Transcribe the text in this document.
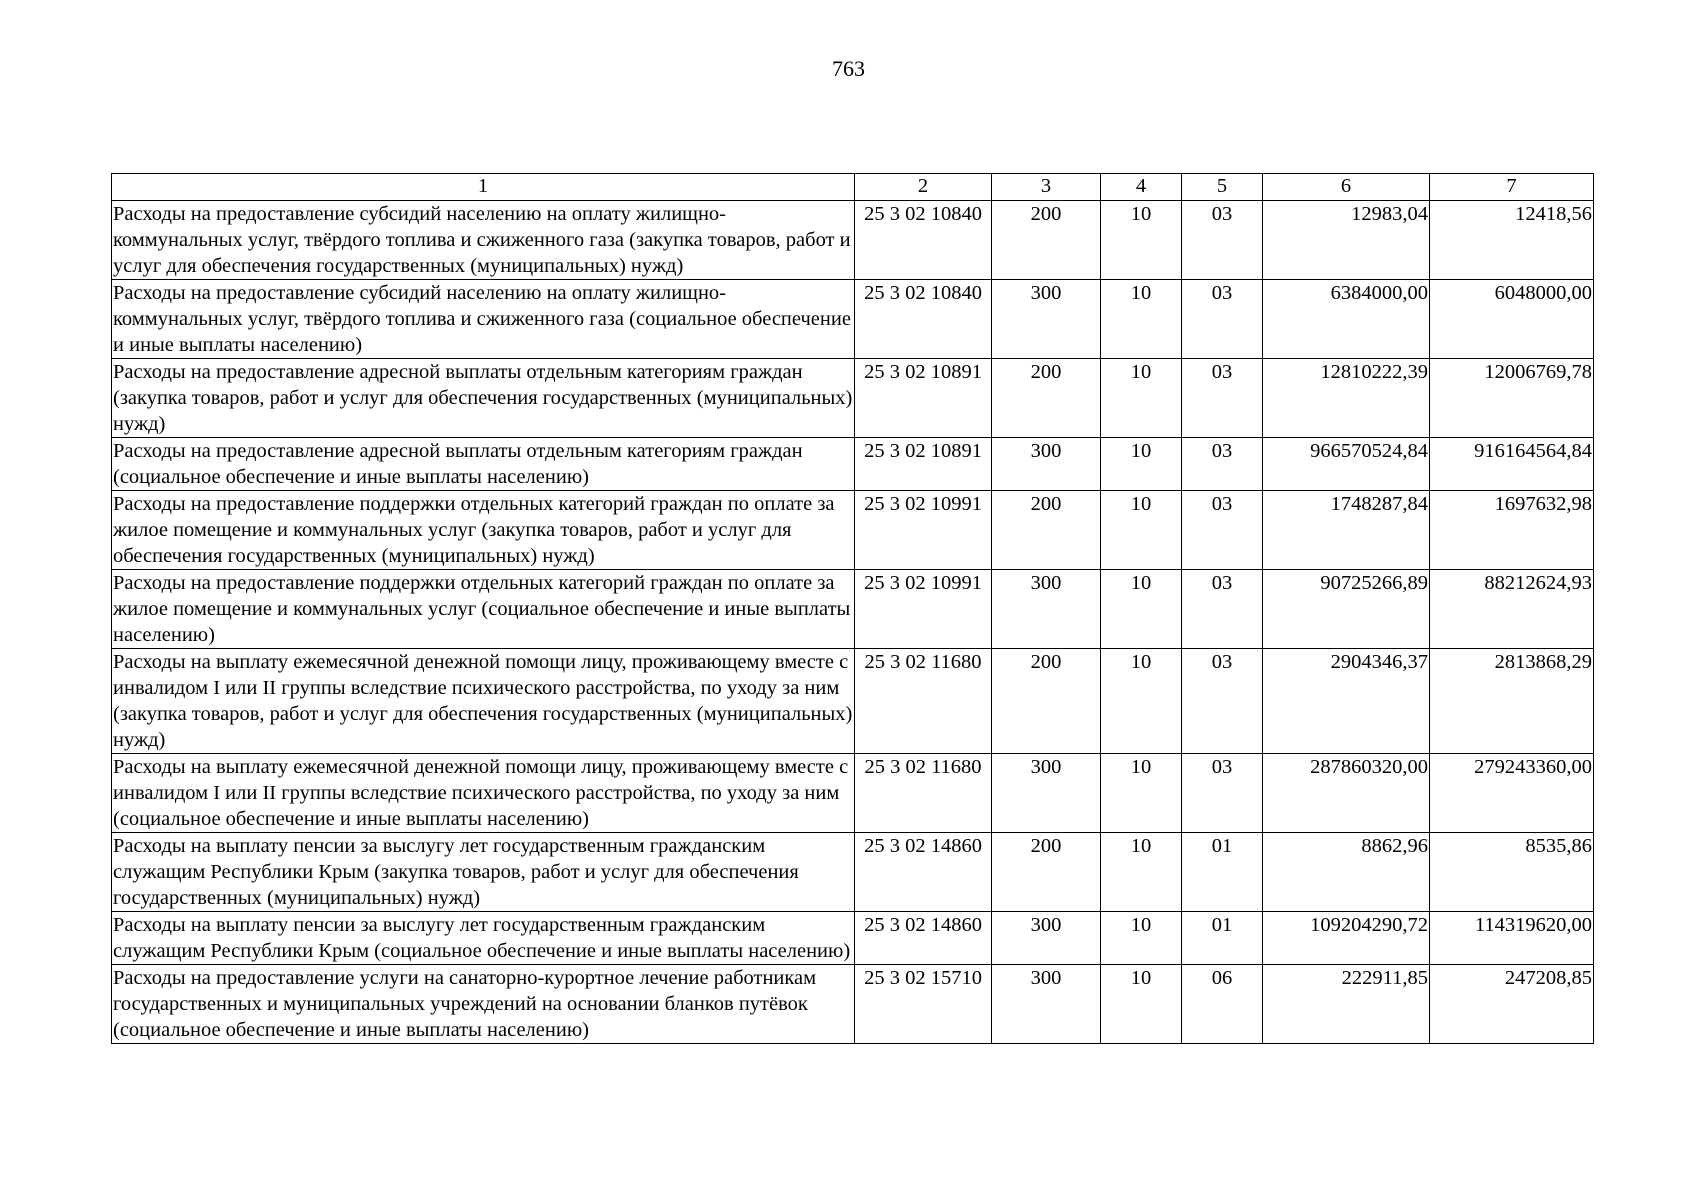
763
1	2	3	4	5	6	7
Расходы на предоставление субсидий населению на оплату жилищно-коммунальных услуг, твёрдого топлива и сжиженного газа (закупка товаров, работ и услуг для обеспечения государственных (муниципальных) нужд)	25 3 02 10840	200	10	03	12983,04	12418,56
Расходы на предоставление субсидий населению на оплату жилищно-коммунальных услуг, твёрдого топлива и сжиженного газа (социальное обеспечение и иные выплаты населению)	25 3 02 10840	300	10	03	6384000,00	6048000,00
Расходы на предоставление адресной выплаты отдельным категориям граждан (закупка товаров, работ и услуг для обеспечения государственных (муниципальных) нужд)	25 3 02 10891	200	10	03	12810222,39	12006769,78
Расходы на предоставление адресной выплаты отдельным категориям граждан (социальное обеспечение и иные выплаты населению)	25 3 02 10891	300	10	03	966570524,84	916164564,84
Расходы на предоставление поддержки отдельных категорий граждан по оплате за жилое помещение и коммунальных услуг (закупка товаров, работ и услуг для обеспечения государственных (муниципальных) нужд)	25 3 02 10991	200	10	03	1748287,84	1697632,98
Расходы на предоставление поддержки отдельных категорий граждан по оплате за жилое помещение и коммунальных услуг (социальное обеспечение и иные выплаты населению)	25 3 02 10991	300	10	03	90725266,89	88212624,93
Расходы на выплату ежемесячной денежной помощи лицу, проживающему вместе с инвалидом I или II группы вследствие психического расстройства, по уходу за ним (закупка товаров, работ и услуг для обеспечения государственных (муниципальных) нужд)	25 3 02 11680	200	10	03	2904346,37	2813868,29
Расходы на выплату ежемесячной денежной помощи лицу, проживающему вместе с инвалидом I или II группы вследствие психического расстройства, по уходу за ним (социальное обеспечение и иные выплаты населению)	25 3 02 11680	300	10	03	287860320,00	279243360,00
Расходы на выплату пенсии за выслугу лет государственным гражданским служащим Республики Крым (закупка товаров, работ и услуг для обеспечения государственных (муниципальных) нужд)	25 3 02 14860	200	10	01	8862,96	8535,86
Расходы на выплату пенсии за выслугу лет государственным гражданским служащим Республики Крым (социальное обеспечение и иные выплаты населению)	25 3 02 14860	300	10	01	109204290,72	114319620,00
Расходы на предоставление услуги на санаторно-курортное лечение работникам государственных и муниципальных учреждений на основании бланков путёвок (социальное обеспечение и иные выплаты населению)	25 3 02 15710	300	10	06	222911,85	247208,85
